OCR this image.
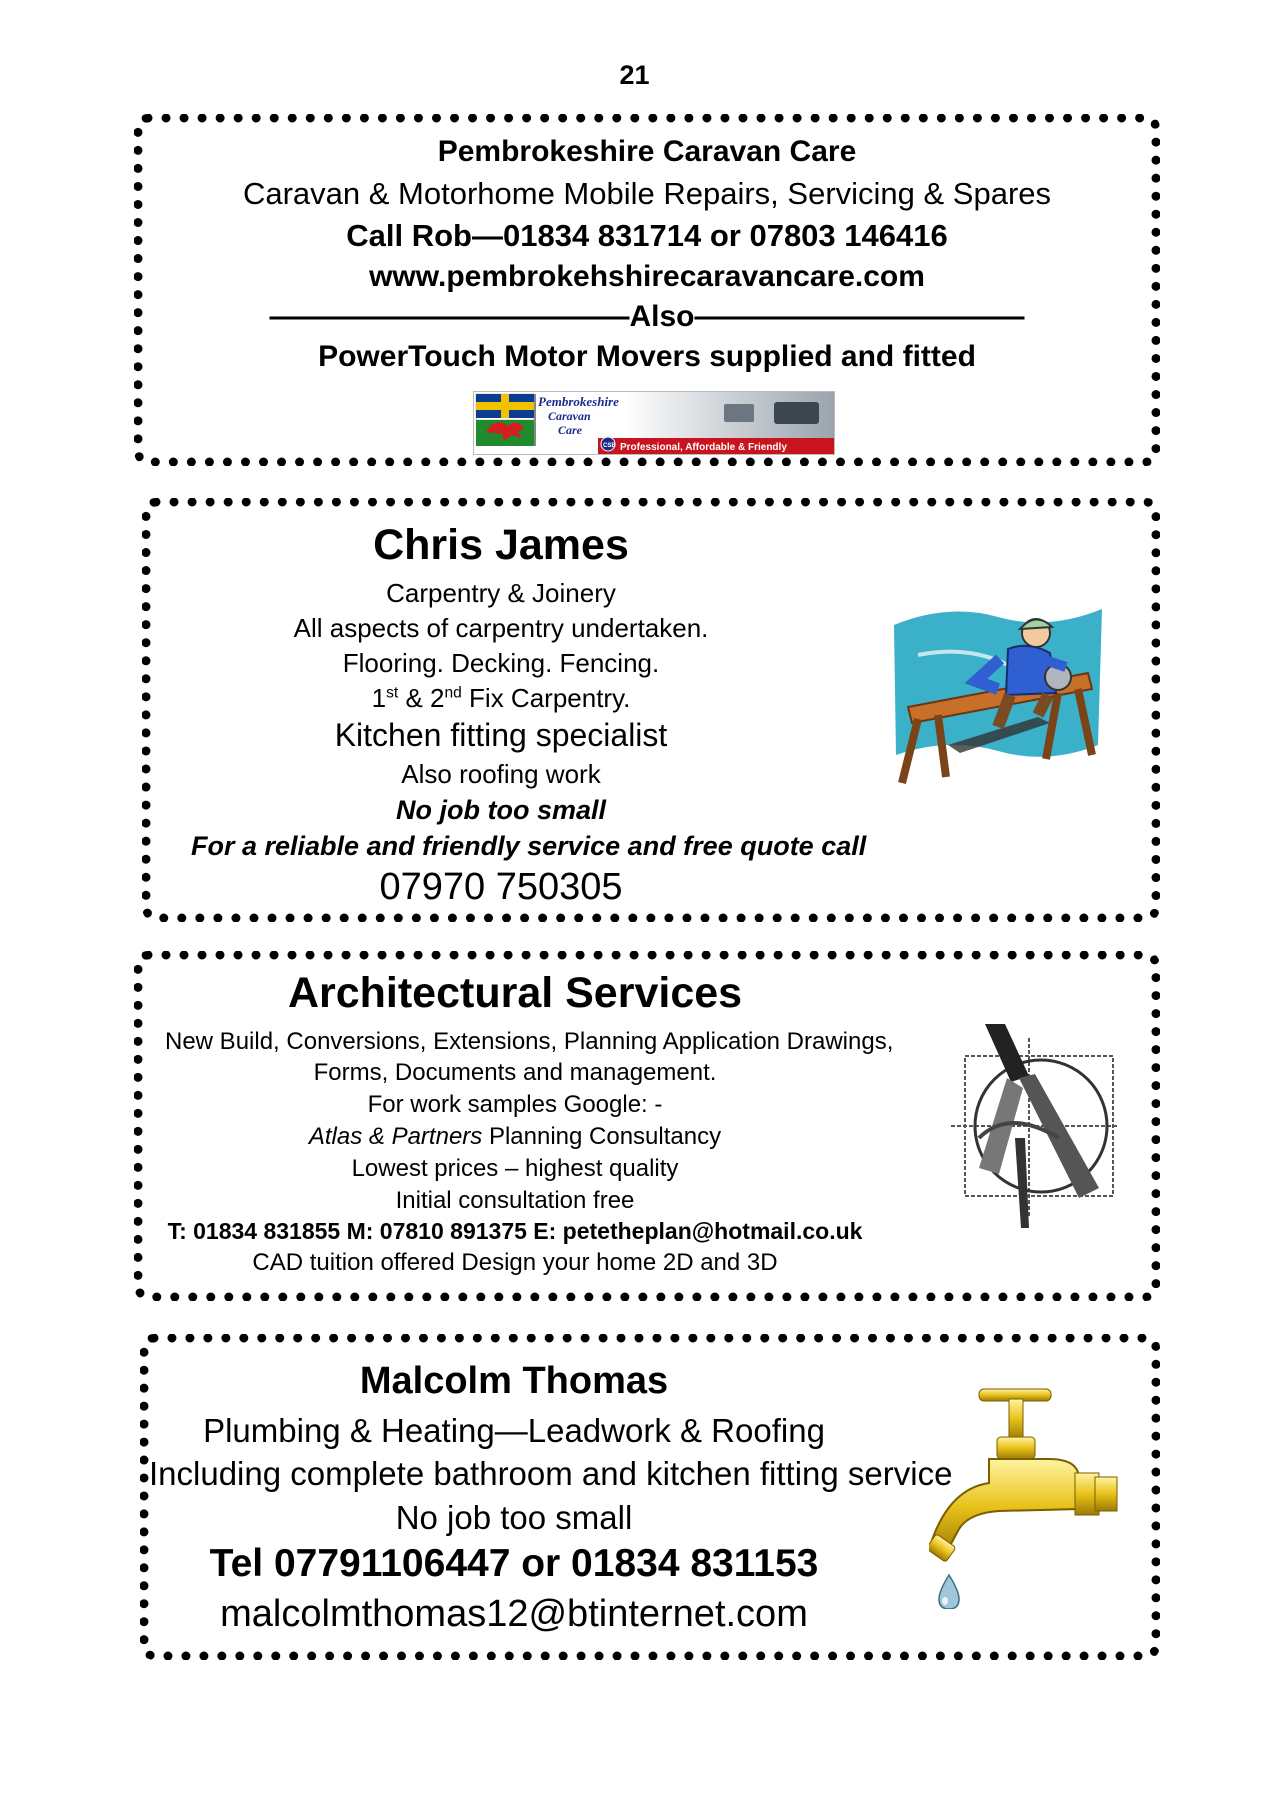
21
Pembrokeshire Caravan Care
Caravan & Motorhome Mobile Repairs, Servicing & Spares
Call Rob—01834 831714 or 07803 146416
www.pembrokehshirecaravancare.com
————————————Also———————————
PowerTouch Motor Movers supplied and fitted
Pembrokeshire
Caravan
Care
CSB Professional, Affordable & Friendly
Chris James
Carpentry & Joinery
All aspects of carpentry undertaken.
Flooring. Decking. Fencing.
1st & 2nd Fix Carpentry.
Kitchen fitting specialist
Also roofing work
No job too small
For a reliable and friendly service and free quote call
07970 750305
Architectural Services
New Build, Conversions, Extensions, Planning Application Drawings,
Forms, Documents and management.
For work samples Google: -
Atlas & Partners Planning Consultancy
Lowest prices – highest quality
Initial consultation free
T: 01834 831855 M: 07810 891375 E: petetheplan@hotmail.co.uk
CAD tuition offered Design your home 2D and 3D
Malcolm Thomas
Plumbing & Heating—Leadwork & Roofing
Including complete bathroom and kitchen fitting service
No job too small
Tel 07791106447 or 01834 831153
malcolmthomas12@btinternet.com
